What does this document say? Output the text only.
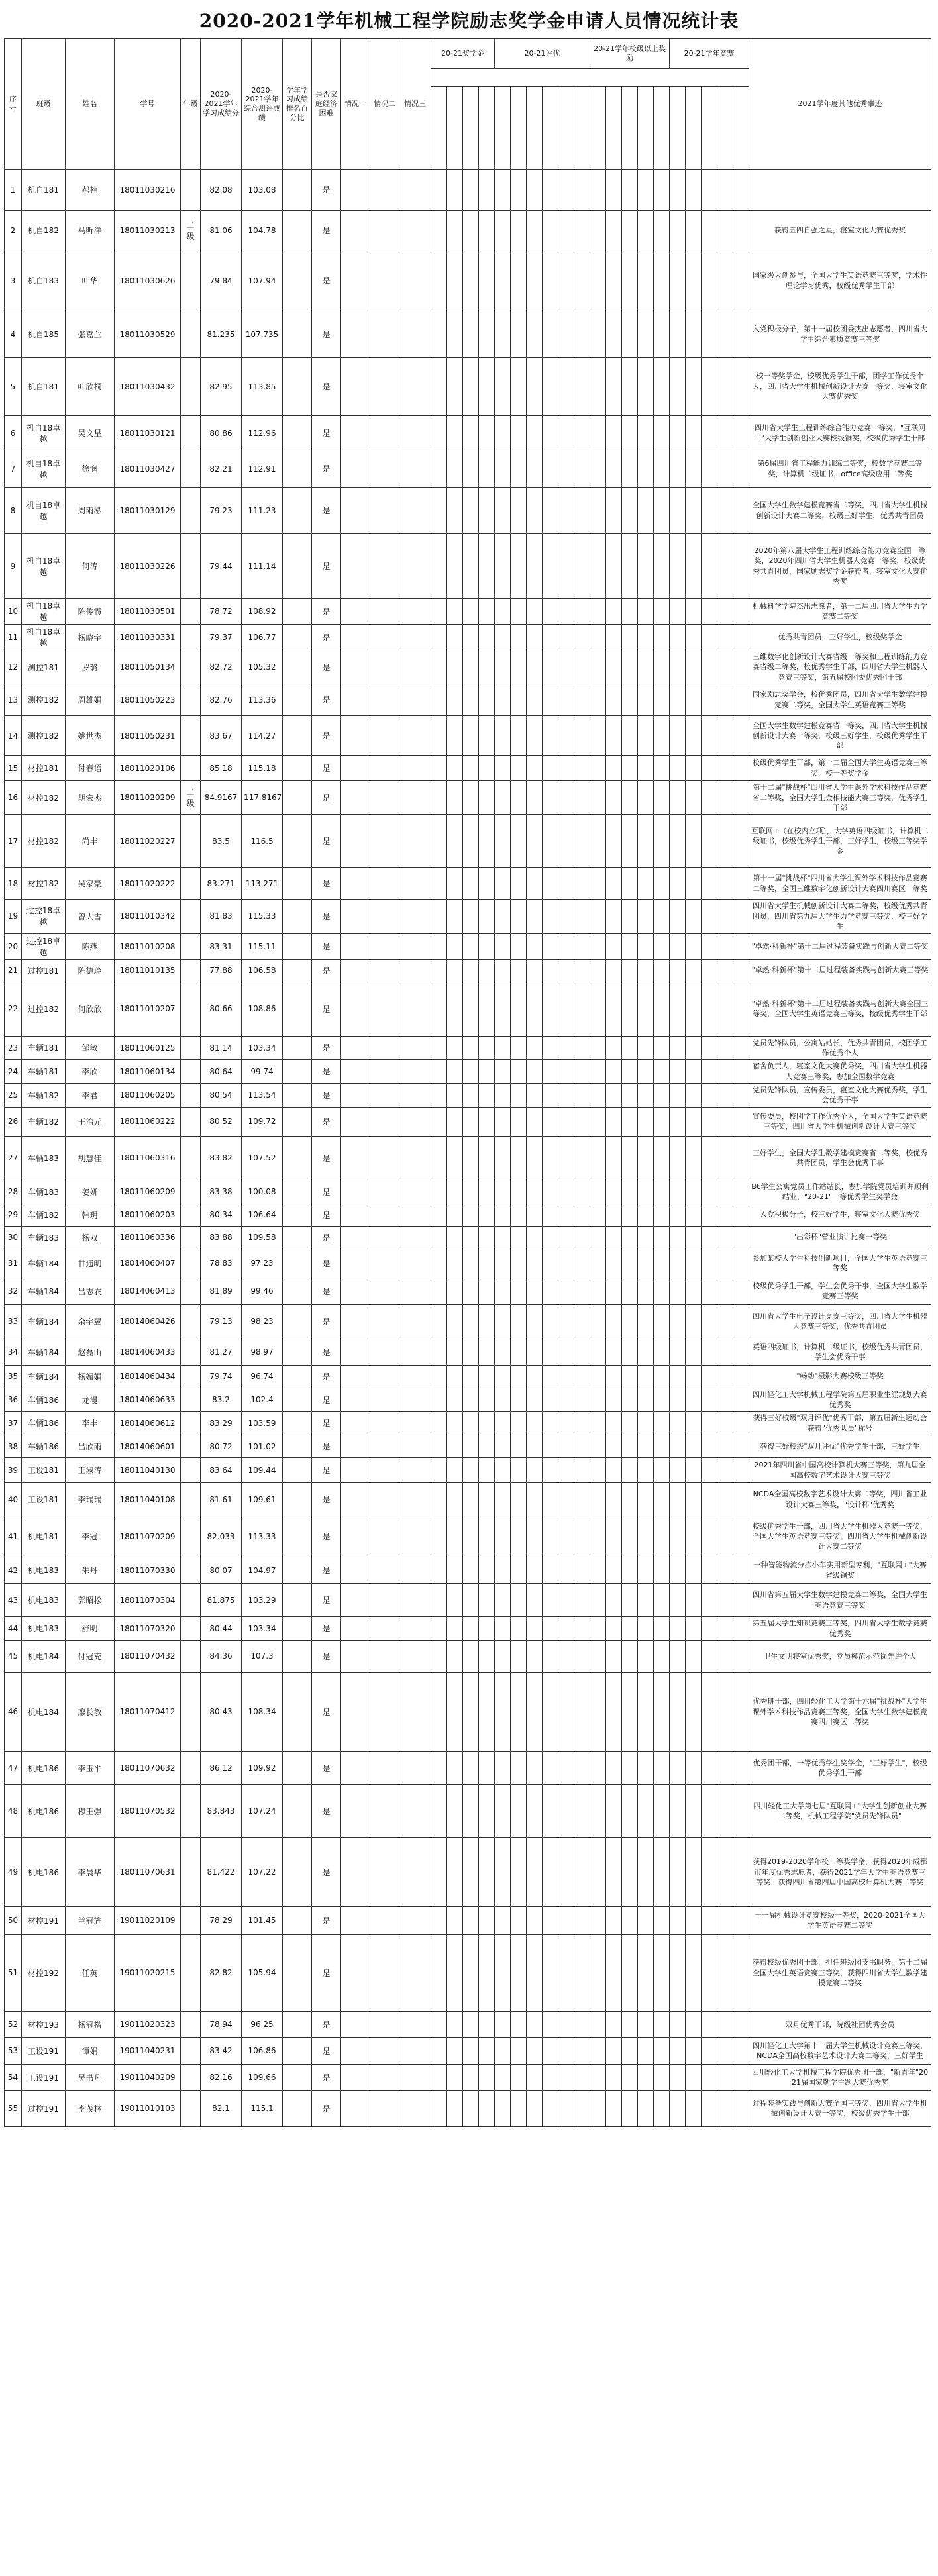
2020-2021学年机械工程学院励志奖学金申请人员情况统计表
序号	班级	姓名	学号	年级	2020-2021学年学习成绩分	2020-2021学年综合测评成绩	学年学习成绩排名百分比	是否家庭经济困难	情况一	情况二	情况三	20-21奖学金				20-21评优						20-21学年校级以上奖励					20-21学年竞赛					2021学年度其他优秀事迹

1	机自181	郝楠	18011030216		82.08	103.08		是																								
2	机自182	马昕洋	18011030213	二级	81.06	104.78		是																								获得五四自强之星，寝室文化大赛优秀奖
3	机自183	叶华	18011030626		79.84	107.94		是																								国家级大创参与，全国大学生英语竞赛三等奖，学术性理论学习优秀，校级优秀学生干部
4	机自185	张嘉兰	18011030529		81.235	107.735		是																								入党积极分子，第十一届校团委杰出志愿者，四川省大学生综合素质竞赛三等奖
5	机自181	叶欣桐	18011030432		82.95	113.85		是																								校一等奖学金，校级优秀学生干部，团学工作优秀个人，四川省大学生机械创新设计大赛一等奖，寝室文化大赛优秀奖
6	机自18卓越	吴文星	18011030121		80.86	112.96		是																								四川省大学生工程训练综合能力竞赛一等奖，"互联网+"大学生创新创业大赛校级铜奖，校级优秀学生干部
7	机自18卓越	徐润	18011030427		82.21	112.91		是																								第6届四川省工程能力训练二等奖，校数学竞赛二等奖，计算机二级证书，office高级应用二等奖
8	机自18卓越	周雨泓	18011030129		79.23	111.23		是																								全国大学生数学建模竞赛省二等奖，四川省大学生机械创新设计大赛二等奖，校级三好学生，优秀共青团员
9	机自18卓越	何涛	18011030226		79.44	111.14		是																								2020年第八届大学生工程训练综合能力竞赛全国一等奖，2020年四川省大学生机器人竞赛一等奖，校级优秀共青团员，国家励志奖学金获得者，寝室文化大赛优秀奖
10	机自18卓越	陈俊霞	18011030501		78.72	108.92		是																								机械科学学院杰出志愿者，第十二届四川省大学生力学竞赛二等奖
11	机自18卓越	杨晓宇	18011030331		79.37	106.77		是																								优秀共青团员，三好学生，校级奖学金
12	测控181	罗璐	18011050134		82.72	105.32		是																								三维数字化创新设计大赛省级一等奖和工程训练能力竞赛省级二等奖，校优秀学生干部，四川省大学生机器人竞赛三等奖，第五届校团委优秀团干部
13	测控182	周雄娟	18011050223		82.76	113.36		是																								国家励志奖学金，校优秀团员，四川省大学生数学建模竞赛二等奖，全国大学生英语竞赛三等奖
14	测控182	姚世杰	18011050231		83.67	114.27		是																								全国大学生数学建模竞赛省一等奖，四川省大学生机械创新设计大赛一等奖，校级三好学生，校级优秀学生干部
15	材控181	付春语	18011020106		85.18	115.18		是																								校级优秀学生干部，第十二届全国大学生英语竞赛三等奖，校一等奖学金
16	材控182	胡宏杰	18011020209	二级	84.9167	117.8167		是																								第十二届"挑战杯"四川省大学生课外学术科技作品竞赛省二等奖，全国大学生金相技能大赛三等奖，优秀学生干部
17	材控182	尚丰	18011020227		83.5	116.5		是																								互联网+（在校内立项），大学英语四级证书，计算机二级证书，校级优秀学生干部，三好学生，校级三等奖学金
18	材控182	吴家豪	18011020222		83.271	113.271		是																								第十一届"挑战杯"四川省大学生课外学术科技作品竞赛二等奖，全国三维数字化创新设计大赛四川赛区一等奖
19	过控18卓越	曾大雪	18011010342		81.83	115.33		是																								四川省大学生机械创新设计大赛二等奖，校级优秀共青团员，四川省第九届大学生力学竞赛三等奖，校三好学生
20	过控18卓越	陈燕	18011010208		83.31	115.11		是																								"卓然·科新杯"第十二届过程装备实践与创新大赛二等奖
21	过控181	陈德玲	18011010135		77.88	106.58		是																								"卓然·科新杯"第十二届过程装备实践与创新大赛三等奖
22	过控182	何欣欣	18011010207		80.66	108.86		是																								"卓然·科新杯"第十二届过程装备实践与创新大赛全国三等奖，全国大学生英语竞赛三等奖，校级优秀学生干部
23	车辆181	邹敏	18011060125		81.14	103.34		是																								党员先锋队员，公寓站站长，优秀共青团员，校团学工作优秀个人
24	车辆181	李欣	18011060134		80.64	99.74		是																								宿舍负责人，寝室文化大赛优秀奖，四川省大学生机器人竞赛三等奖，参加全国数学竞赛
25	车辆182	李君	18011060205		80.54	113.54		是																								党员先锋队员，宣传委员，寝室文化大赛优秀奖，学生会优秀干事
26	车辆182	王治元	18011060222		80.52	109.72		是																								宣传委员，校团学工作优秀个人，全国大学生英语竞赛三等奖，四川省大学生机械创新设计大赛三等奖
27	车辆183	胡慧佳	18011060316		83.82	107.52		是																								三好学生，全国大学生数学建模竞赛省二等奖，校优秀共青团员，学生会优秀干事
28	车辆183	姜妍	18011060209		83.38	100.08		是																								B6学生公寓党员工作站站长，参加学院党员培训并顺利结业，"20-21"一等优秀学生奖学金
29	车辆182	韩玥	18011060203		80.34	106.64		是																								入党积极分子，校三好学生，寝室文化大赛优秀奖
30	车辆183	杨双	18011060336		83.88	109.58		是																								"出彩杯"营业演讲比赛一等奖
31	车辆184	甘通明	18014060407		78.83	97.23		是																								参加某校大学生科技创新项目，全国大学生英语竞赛三等奖
32	车辆184	吕志农	18014060413		81.89	99.46		是																								校级优秀学生干部，学生会优秀干事，全国大学生数学竞赛三等奖
33	车辆184	余宇翼	18014060426		79.13	98.23		是																								四川省大学生电子设计竞赛三等奖，四川省大学生机器人竞赛三等奖，优秀共青团员
34	车辆184	赵磊山	18014060433		81.27	98.97		是																								英语四级证书，计算机二级证书，校级优秀共青团员，学生会优秀干事
35	车辆184	杨媚娟	18014060434		79.74	96.74		是																								"畅动"摄影大赛校级三等奖
36	车辆186	龙漫	18014060633		83.2	102.4		是																								四川轻化工大学机械工程学院第五届职业生涯规划大赛优秀奖
37	车辆186	李丰	18014060612		83.29	103.59		是																								获得三好校级"双月评优"优秀干部，第五届新生运动会获得"优秀队员"称号
38	车辆186	吕欣雨	18014060601		80.72	101.02		是																								获得三好校级"双月评优"优秀学生干部，三好学生
39	工设181	王淑涛	18011040130		83.64	109.44		是																								2021年四川省中国高校计算机大赛三等奖，第九届全国高校数字艺术设计大赛三等奖
40	工设181	李瑞瑞	18011040108		81.61	109.61		是																								NCDA全国高校数字艺术设计大赛二等奖，四川省工业设计大赛三等奖，"设计杯"优秀奖
41	机电181	李冠	18011070209		82.033	113.33		是																								校级优秀学生干部，四川省大学生机器人竞赛一等奖，全国大学生英语竞赛三等奖，四川省大学生机械创新设计大赛二等奖
42	机电183	朱丹	18011070330		80.07	104.97		是																								一种智能物流分拣小车实用新型专利，"互联网+"大赛省级铜奖
43	机电183	郭昭松	18011070304		81.875	103.29		是																								四川省第五届大学生数学建模竞赛二等奖，全国大学生英语竞赛三等奖
44	机电183	舒明	18011070320		80.44	103.34		是																								第五届大学生知识竞赛三等奖，四川省大学生数学竞赛优秀奖
45	机电184	付冠充	18011070432		84.36	107.3		是																								卫生文明寝室优秀奖，党员模范示范岗先进个人
46	机电184	廖长敏	18011070412		80.43	108.34		是																								优秀班干部，四川轻化工大学第十六届"挑战杯"大学生课外学术科技作品竞赛三等奖，全国大学生数学建模竞赛四川赛区二等奖
47	机电186	李玉平	18011070632		86.12	109.92		是																								优秀团干部，一等优秀学生奖学金，"三好学生"，校级优秀学生干部
48	机电186	穆王强	18011070532		83.843	107.24		是																								四川轻化工大学第七届"互联网+"大学生创新创业大赛二等奖，机械工程学院"党员先锋队员"
49	机电186	李晨华	18011070631		81.422	107.22		是																								获得2019-2020学年校一等奖学金，获得2020年成都市年度优秀志愿者，获得2021学年大学生英语竞赛三等奖，获得四川省第四届中国高校计算机大赛二等奖
50	材控191	兰冠旌	19011020109		78.29	101.45		是																								十一届机械设计竞赛校级一等奖，2020-2021全国大学生英语竞赛二等奖
51	材控192	任英	19011020215		82.82	105.94		是																								获得校级优秀团干部，担任班级团支书职务，第十二届全国大学生英语竞赛三等奖，获得四川省大学生数学建模竞赛二等奖
52	材控193	杨冠楷	19011020323		78.94	96.25		是																								双月优秀干部，院级社团优秀会员
53	工设191	谭娟	19011040231		83.42	106.86		是																								四川轻化工大学第十一届大学生机械设计竞赛三等奖，NCDA全国高校数字艺术设计大赛二等奖，三好学生
54	工设191	吴书凡	19011040209		82.16	109.66		是																								四川轻化工大学机械工程学院优秀团干部，"新青年"2021届国家勤学主题大赛优秀奖
55	过控191	李茂林	19011010103		82.1	115.1		是																								过程装备实践与创新大赛全国三等奖，四川省大学生机械创新设计大赛一等奖，校级优秀学生干部
